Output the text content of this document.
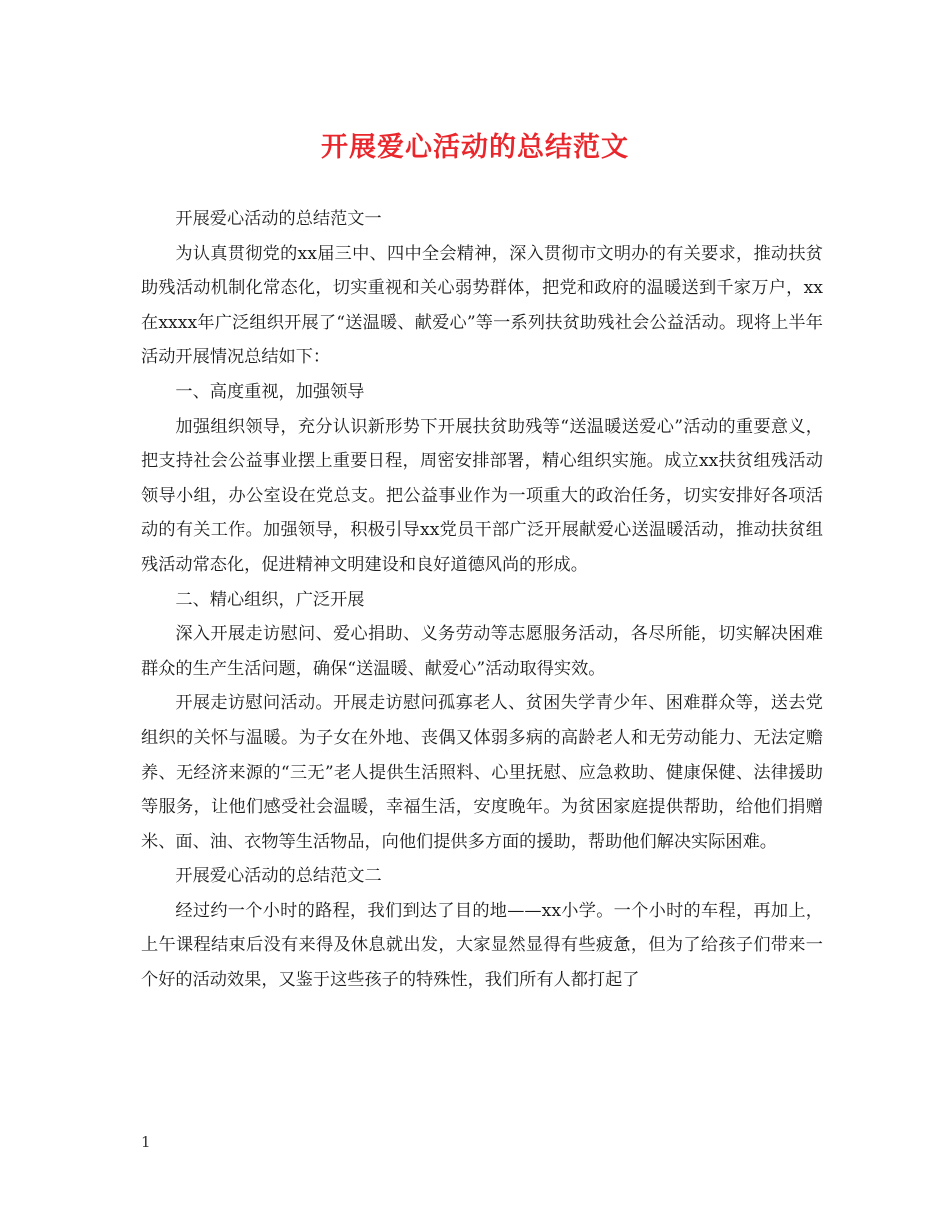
开展爱心活动的总结范文

开展爱心活动的总结范文一

为认真贯彻党的xx届三中、四中全会精神，深入贯彻市文明办的有关要求，推动扶贫助残活动机制化常态化，切实重视和关心弱势群体，把党和政府的温暖送到千家万户，xx在xxxx年广泛组织开展了“送温暖、献爱心”等一系列扶贫助残社会公益活动。现将上半年活动开展情况总结如下：

一、高度重视，加强领导

加强组织领导，充分认识新形势下开展扶贫助残等“送温暖送爱心”活动的重要意义，把支持社会公益事业摆上重要日程，周密安排部署，精心组织实施。成立xx扶贫组残活动领导小组，办公室设在党总支。把公益事业作为一项重大的政治任务，切实安排好各项活动的有关工作。加强领导，积极引导xx党员干部广泛开展献爱心送温暖活动，推动扶贫组残活动常态化，促进精神文明建设和良好道德风尚的形成。

二、精心组织，广泛开展

深入开展走访慰问、爱心捐助、义务劳动等志愿服务活动，各尽所能，切实解决困难群众的生产生活问题，确保“送温暖、献爱心”活动取得实效。

开展走访慰问活动。开展走访慰问孤寡老人、贫困失学青少年、困难群众等，送去党组织的关怀与温暖。为子女在外地、丧偶又体弱多病的高龄老人和无劳动能力、无法定赡养、无经济来源的“三无”老人提供生活照料、心里抚慰、应急救助、健康保健、法律援助等服务，让他们感受社会温暖，幸福生活，安度晚年。为贫困家庭提供帮助，给他们捐赠米、面、油、衣物等生活物品，向他们提供多方面的援助，帮助他们解决实际困难。

开展爱心活动的总结范文二

经过约一个小时的路程，我们到达了目的地——xx小学。一个小时的车程，再加上，上午课程结束后没有来得及休息就出发，大家显然显得有些疲惫，但为了给孩子们带来一个好的活动效果，又鉴于这些孩子的特殊性，我们所有人都打起了

1
